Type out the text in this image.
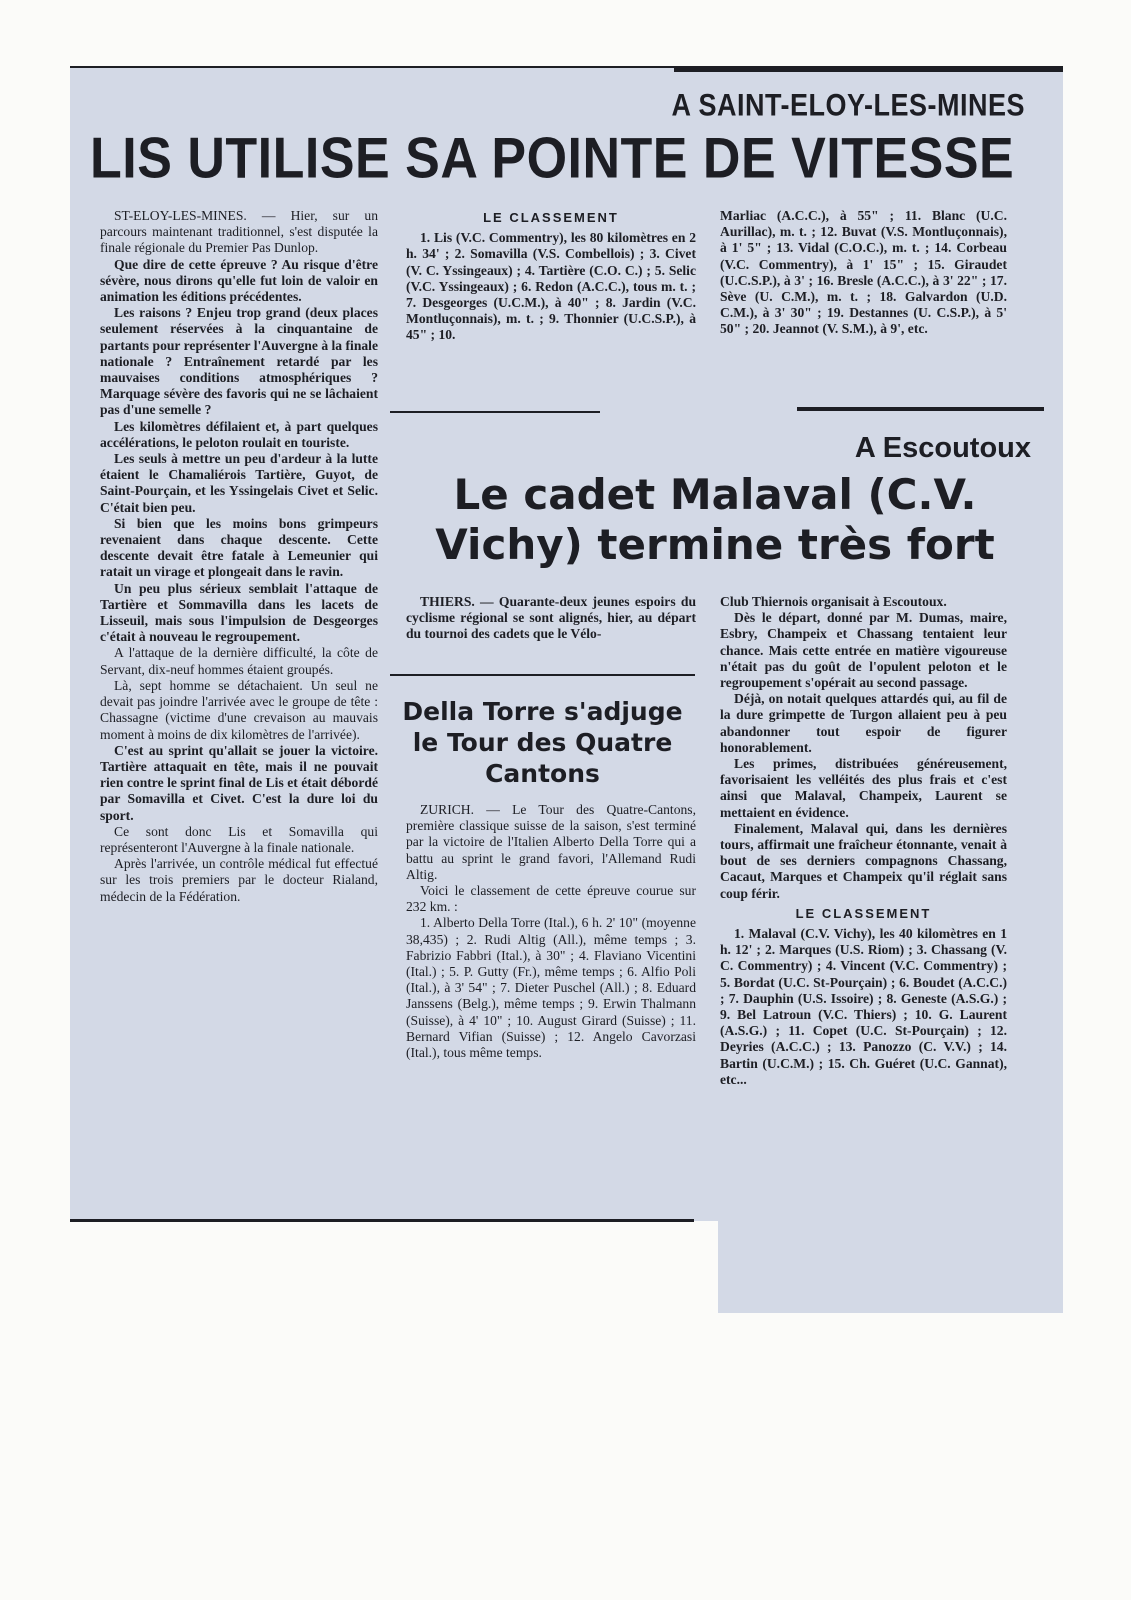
A SAINT-ELOY-LES-MINES
LIS UTILISE SA POINTE DE VITESSE

ST-ELOY-LES-MINES. — Hier, sur un parcours maintenant traditionnel, s'est disputée la finale régionale du Premier Pas Dunlop.

Que dire de cette épreuve ? Au risque d'être sévère, nous dirons qu'elle fut loin de valoir en animation les éditions précédentes.

Les raisons ? Enjeu trop grand (deux places seulement réservées à la cinquantaine de partants pour représenter l'Auvergne à la finale nationale ? Entraînement retardé par les mauvaises conditions atmosphériques ? Marquage sévère des favoris qui ne se lâchaient pas d'une semelle ?

Les kilomètres défilaient et, à part quelques accélérations, le peloton roulait en touriste.

Les seuls à mettre un peu d'ardeur à la lutte étaient le Chamaliérois Tartière, Guyot, de Saint-Pourçain, et les Yssingelais Civet et Selic. C'était bien peu.

Si bien que les moins bons grimpeurs revenaient dans chaque descente. Cette descente devait être fatale à Lemeunier qui ratait un virage et plongeait dans le ravin.

Un peu plus sérieux semblait l'attaque de Tartière et Sommavilla dans les lacets de Lisseuil, mais sous l'impulsion de Desgeorges c'était à nouveau le regroupement.

A l'attaque de la dernière difficulté, la côte de Servant, dix-neuf hommes étaient groupés.

Là, sept homme se détachaient. Un seul ne devait pas joindre l'arrivée avec le groupe de tête : Chassagne (victime d'une crevaison au mauvais moment à moins de dix kilomètres de l'arrivée).

C'est au sprint qu'allait se jouer la victoire. Tartière attaquait en tête, mais il ne pouvait rien contre le sprint final de Lis et était débordé par Somavilla et Civet. C'est la dure loi du sport.

Ce sont donc Lis et Somavilla qui représenteront l'Auvergne à la finale nationale.

Après l'arrivée, un contrôle médical fut effectué sur les trois premiers par le docteur Rialand, médecin de la Fédération.

LE CLASSEMENT

1. Lis (V.C. Commentry), les 80 kilomètres en 2 h. 34' ; 2. Somavilla (V.S. Combellois) ; 3. Civet (V. C. Yssingeaux) ; 4. Tartière (C.O. C.) ; 5. Selic (V.C. Yssingeaux) ; 6. Redon (A.C.C.), tous m. t. ; 7. Desgeorges (U.C.M.), à 40" ; 8. Jardin (V.C. Montluçonnais), m. t. ; 9. Thonnier (U.C.S.P.), à 45" ; 10.

Marliac (A.C.C.), à 55" ; 11. Blanc (U.C. Aurillac), m. t. ; 12. Buvat (V.S. Montluçonnais), à 1' 5" ; 13. Vidal (C.O.C.), m. t. ; 14. Corbeau (V.C. Commentry), à 1' 15" ; 15. Giraudet (U.C.S.P.), à 3' ; 16. Bresle (A.C.C.), à 3' 22" ; 17. Sève (U. C.M.), m. t. ; 18. Galvardon (U.D. C.M.), à 3' 30" ; 19. Destannes (U. C.S.P.), à 5' 50" ; 20. Jeannot (V. S.M.), à 9', etc.

A Escoutoux
Le cadet Malaval (C.V. Vichy) termine très fort

THIERS. — Quarante-deux jeunes espoirs du cyclisme régional se sont alignés, hier, au départ du tournoi des cadets que le Vélo-

Della Torre s'adjuge le Tour des Quatre Cantons

ZURICH. — Le Tour des Quatre-Cantons, première classique suisse de la saison, s'est terminé par la victoire de l'Italien Alberto Della Torre qui a battu au sprint le grand favori, l'Allemand Rudi Altig.

Voici le classement de cette épreuve courue sur 232 km. :

1. Alberto Della Torre (Ital.), 6 h. 2' 10" (moyenne 38,435) ; 2. Rudi Altig (All.), même temps ; 3. Fabrizio Fabbri (Ital.), à 30" ; 4. Flaviano Vicentini (Ital.) ; 5. P. Gutty (Fr.), même temps ; 6. Alfio Poli (Ital.), à 3' 54" ; 7. Dieter Puschel (All.) ; 8. Eduard Janssens (Belg.), même temps ; 9. Erwin Thalmann (Suisse), à 4' 10" ; 10. August Girard (Suisse) ; 11. Bernard Vifian (Suisse) ; 12. Angelo Cavorzasi (Ital.), tous même temps.

Club Thiernois organisait à Escoutoux.

Dès le départ, donné par M. Dumas, maire, Esbry, Champeix et Chassang tentaient leur chance. Mais cette entrée en matière vigoureuse n'était pas du goût de l'opulent peloton et le regroupement s'opérait au second passage.

Déjà, on notait quelques attardés qui, au fil de la dure grimpette de Turgon allaient peu à peu abandonner tout espoir de figurer honorablement.

Les primes, distribuées généreusement, favorisaient les velléités des plus frais et c'est ainsi que Malaval, Champeix, Laurent se mettaient en évidence.

Finalement, Malaval qui, dans les dernières tours, affirmait une fraîcheur étonnante, venait à bout de ses derniers compagnons Chassang, Cacaut, Marques et Champeix qu'il réglait sans coup férir.

LE CLASSEMENT

1. Malaval (C.V. Vichy), les 40 kilomètres en 1 h. 12' ; 2. Marques (U.S. Riom) ; 3. Chassang (V. C. Commentry) ; 4. Vincent (V.C. Commentry) ; 5. Bordat (U.C. St-Pourçain) ; 6. Boudet (A.C.C.) ; 7. Dauphin (U.S. Issoire) ; 8. Geneste (A.S.G.) ; 9. Bel Latroun (V.C. Thiers) ; 10. G. Laurent (A.S.G.) ; 11. Copet (U.C. St-Pourçain) ; 12. Deyries (A.C.C.) ; 13. Panozzo (C. V.V.) ; 14. Bartin (U.C.M.) ; 15. Ch. Guéret (U.C. Gannat), etc...
